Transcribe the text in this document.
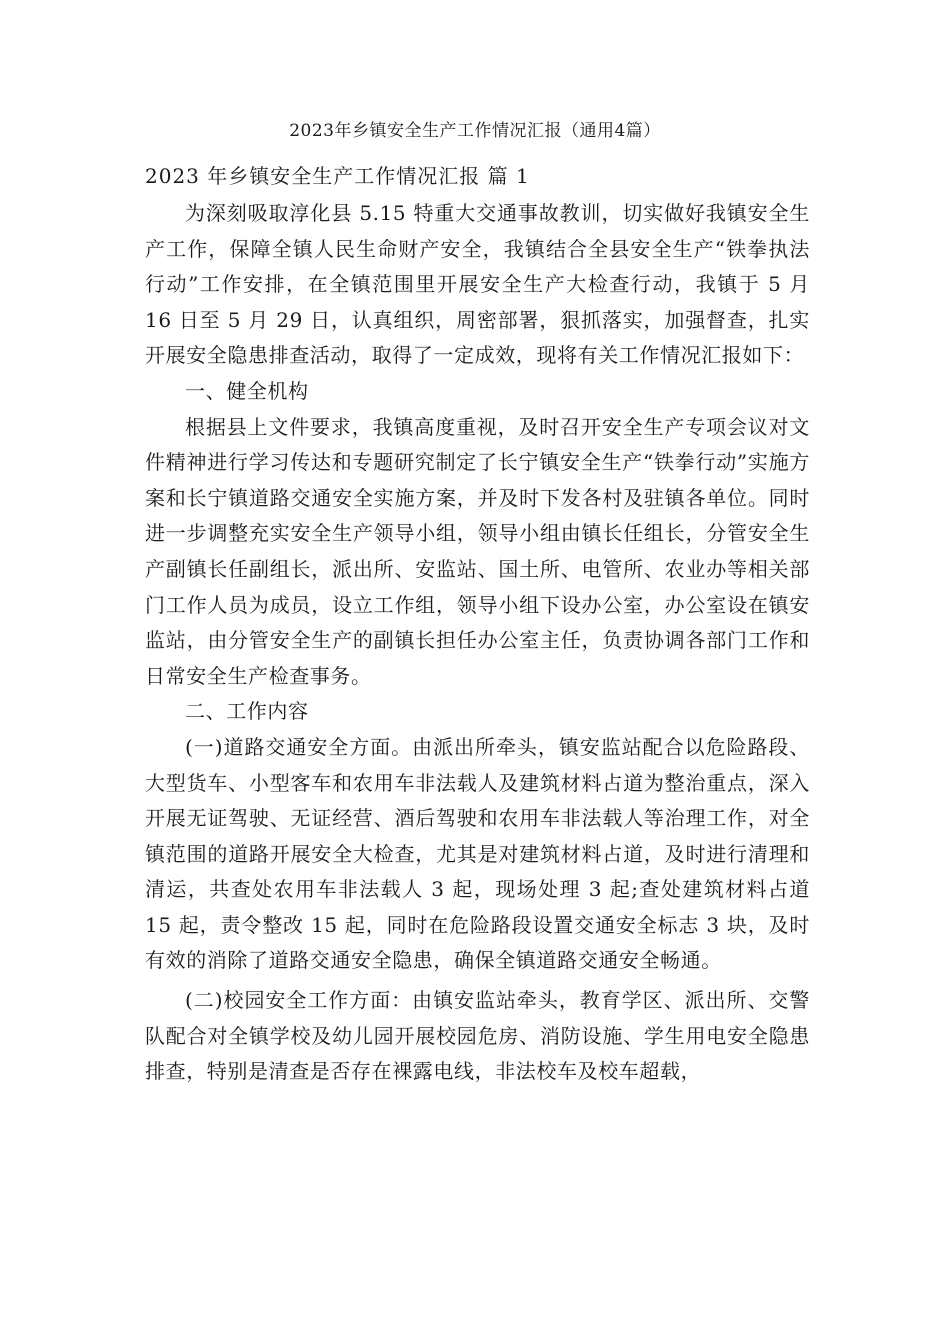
2023年乡镇安全生产工作情况汇报（通用4篇）
2023 年乡镇安全生产工作情况汇报 篇 1

为深刻吸取淳化县 5.15 特重大交通事故教训，切实做好我镇安全生产工作，保障全镇人民生命财产安全，我镇结合全县安全生产“铁拳执法行动”工作安排，在全镇范围里开展安全生产大检查行动，我镇于 5 月 16 日至 5 月 29 日，认真组织，周密部署，狠抓落实，加强督查，扎实开展安全隐患排查活动，取得了一定成效，现将有关工作情况汇报如下：

一、健全机构

根据县上文件要求，我镇高度重视，及时召开安全生产专项会议对文件精神进行学习传达和专题研究制定了长宁镇安全生产“铁拳行动”实施方案和长宁镇道路交通安全实施方案，并及时下发各村及驻镇各单位。同时进一步调整充实安全生产领导小组，领导小组由镇长任组长，分管安全生产副镇长任副组长，派出所、安监站、国土所、电管所、农业办等相关部门工作人员为成员，设立工作组，领导小组下设办公室，办公室设在镇安监站，由分管安全生产的副镇长担任办公室主任，负责协调各部门工作和日常安全生产检查事务。

二、工作内容

(一)道路交通安全方面。由派出所牵头，镇安监站配合以危险路段、大型货车、小型客车和农用车非法载人及建筑材料占道为整治重点，深入开展无证驾驶、无证经营、酒后驾驶和农用车非法载人等治理工作，对全镇范围的道路开展安全大检查，尤其是对建筑材料占道，及时进行清理和清运，共查处农用车非法载人 3 起，现场处理 3 起;查处建筑材料占道 15 起，责令整改 15 起，同时在危险路段设置交通安全标志 3 块，及时有效的消除了道路交通安全隐患，确保全镇道路交通安全畅通。

(二)校园安全工作方面：由镇安监站牵头，教育学区、派出所、交警队配合对全镇学校及幼儿园开展校园危房、消防设施、学生用电安全隐患排查，特别是清查是否存在裸露电线，非法校车及校车超载，
